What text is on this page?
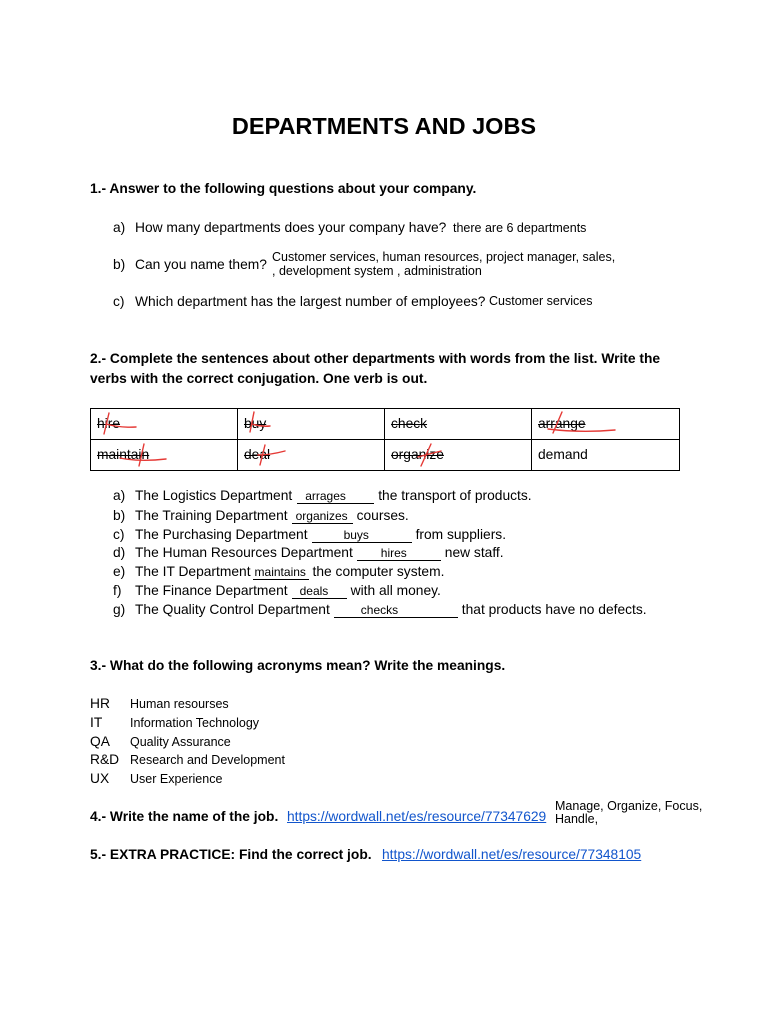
DEPARTMENTS AND JOBS
1.- Answer to the following questions about your company.
a) How many departments does your company have? there are 6 departments
b) Can you name them? Customer services, human resources, project manager, sales,
, development system , administration
c) Which department has the largest number of employees? Customer services
2.- Complete the sentences about other departments with words from the list. Write the
verbs with the correct conjugation. One verb is out.
hire	buy	check	arrange
maintain	deal	organize	demand
a) The Logistics Department arrages the transport of products.
b) The Training Department organizes courses.
c) The Purchasing Department	buys	from suppliers.
d) The Human Resources Department hires	new staff.
e) The IT Department maintains the computer system.
f) The Finance Department deals with all money.
g) The Quality Control Department	checks	that products have no defects.
3.- What do the following acronyms mean? Write the meanings.
HR Human resourses
IT Information Technology
QA Quality Assurance
R&D Research and Development
UX User Experience
4.- Write the name of the job. https://wordwall.net/es/resource/77347629
Manage, Organize, Focus,
Handle,
5.- EXTRA PRACTICE: Find the correct job. https://wordwall.net/es/resource/77348105
